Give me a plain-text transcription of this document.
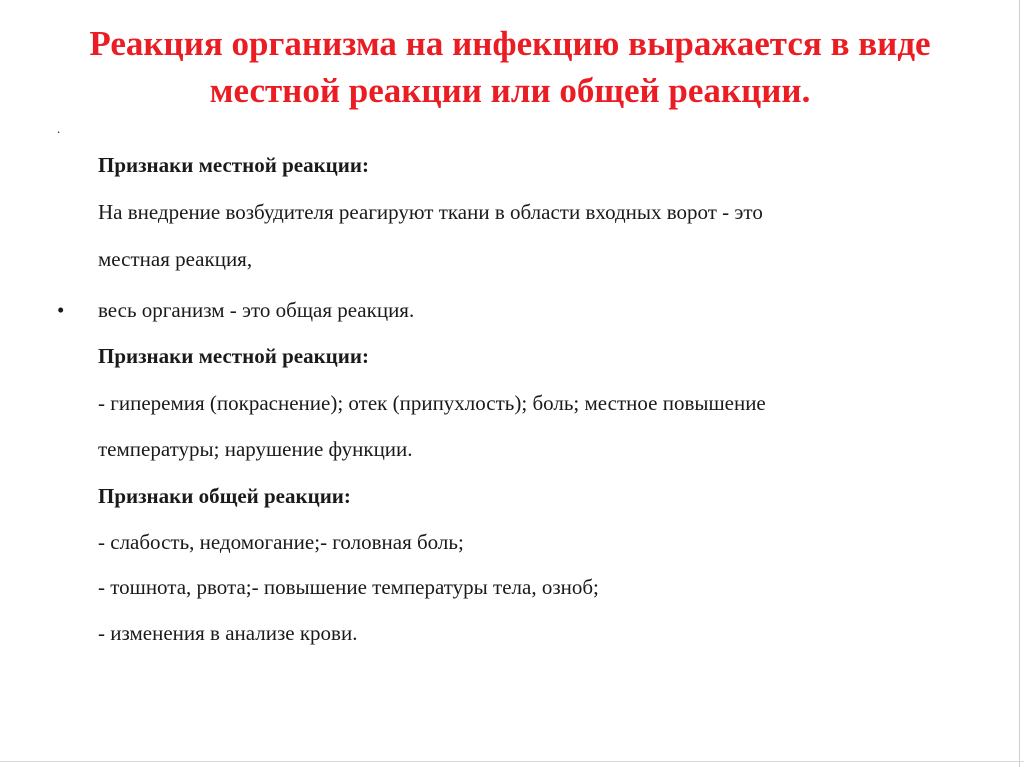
Реакция организма на инфекцию выражается в виде местной реакции или общей реакции.
.

Признаки местной реакции:

На внедрение возбудителя реагируют ткани в области входных ворот - это

местная реакция,

• весь организм - это общая реакция.

Признаки местной реакции:

- гиперемия (покраснение); отек (припухлость); боль; местное повышение

температуры; нарушение функции.

Признаки общей реакции:

- слабость, недомогание;- головная боль;

- тошнота, рвота;- повышение температуры тела, озноб;

- изменения в анализе крови.
